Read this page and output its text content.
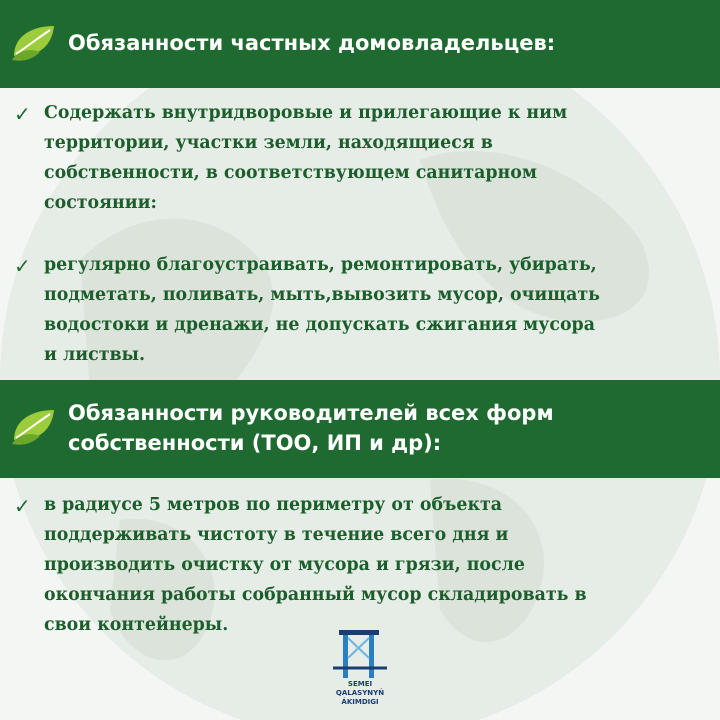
Обязанности частных домовладельцев:
✓ Содержать внутридворовые и прилегающие к ним
территории, участки земли, находящиеся в
собственности, в соответствующем санитарном
состоянии:
✓ регулярно благоустраивать, ремонтировать, убирать,
подметать, поливать, мыть,вывозить мусор, очищать
водостоки и дренажи, не допускать сжигания мусора
и листвы.
Обязанности руководителей всех форм
собственности (ТОО, ИП и др):
✓ в радиусе 5 метров по периметру от объекта
поддерживать чистоту в течение всего дня и
производить очистку от мусора и грязи, после
окончания работы собранный мусор складировать в
свои контейнеры.
SEMEI
QALASYNYŃ
ÁKIMDIGI
